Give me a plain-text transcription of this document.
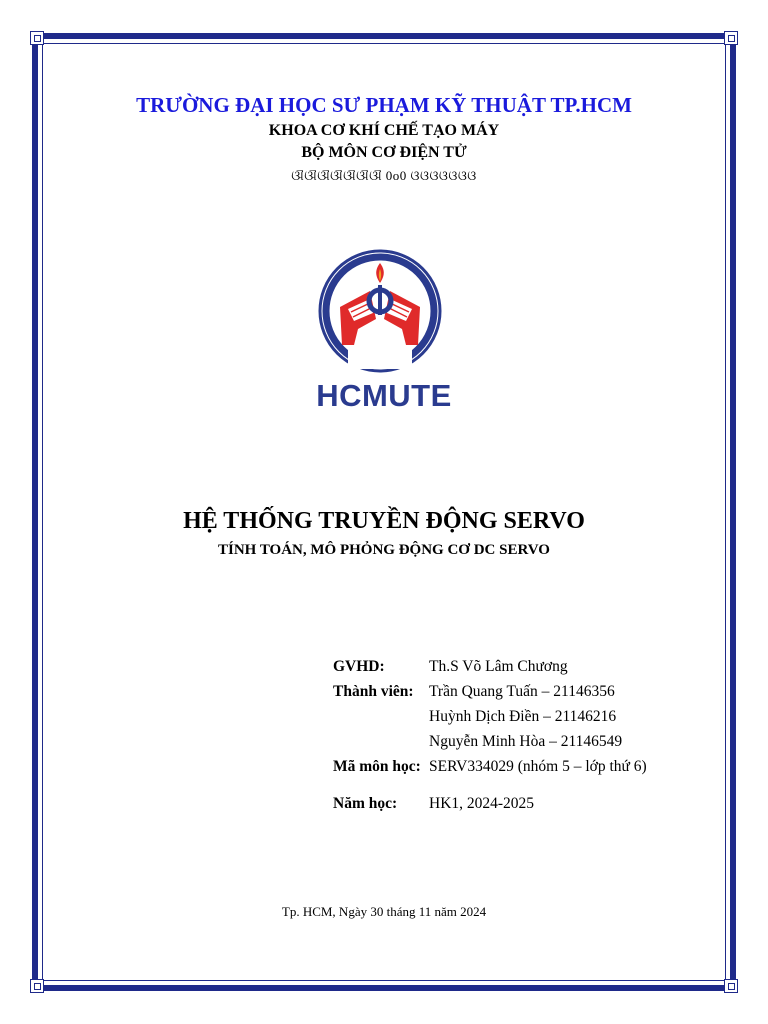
TRƯỜNG ĐẠI HỌC SƯ PHẠM KỸ THUẬT TP.HCM
KHOA CƠ KHÍ CHẾ TẠO MÁY
BỘ MÔN CƠ ĐIỆN TỬ
ଔଔଔଔଔଔଔ 0o0 ଓଓଓଓଓଓଓ
HCMUTE
HỆ THỐNG TRUYỀN ĐỘNG SERVO
TÍNH TOÁN, MÔ PHỎNG ĐỘNG CƠ DC SERVO
GVHD:	Th.S Võ Lâm Chương
Thành viên: Trần Quang Tuấn – 21146356
Huỳnh Dịch Điền – 21146216
Nguyễn Minh Hòa – 21146549
Mã môn học: SERV334029 (nhóm 5 – lớp thứ 6)
Năm học: HK1, 2024-2025
Tp. HCM, Ngày 30 tháng 11 năm 2024
